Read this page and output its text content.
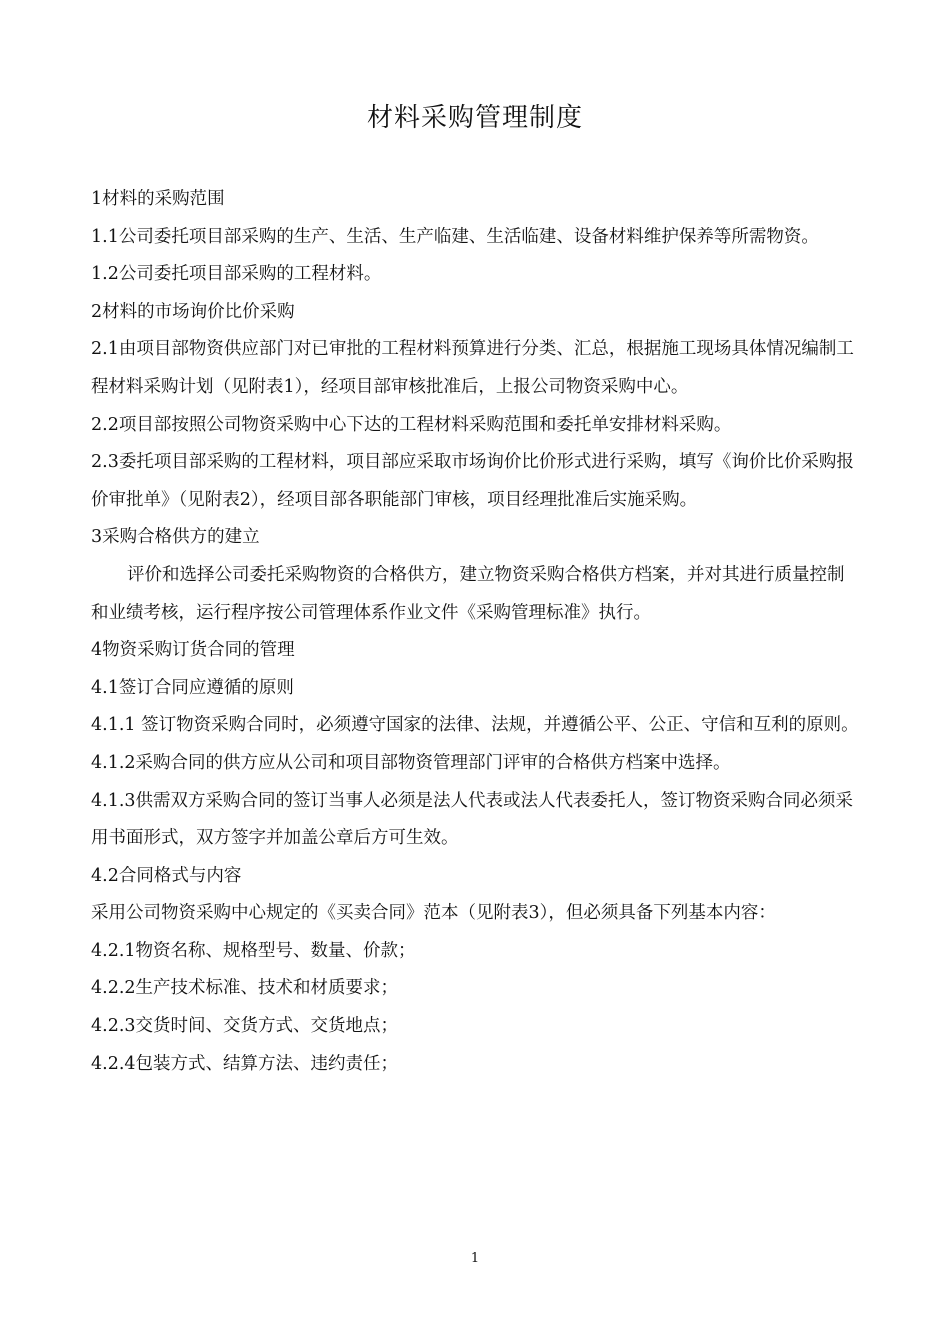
材料采购管理制度

1材料的采购范围

1.1公司委托项目部采购的生产、生活、生产临建、生活临建、设备材料维护保养等所需物资。

1.2公司委托项目部采购的工程材料。

2材料的市场询价比价采购

2.1由项目部物资供应部门对已审批的工程材料预算进行分类、汇总，根据施工现场具体情况编制工程材料采购计划（见附表1），经项目部审核批准后，上报公司物资采购中心。

2.2项目部按照公司物资采购中心下达的工程材料采购范围和委托单安排材料采购。

2.3委托项目部采购的工程材料，项目部应采取市场询价比价形式进行采购，填写《询价比价采购报价审批单》（见附表2），经项目部各职能部门审核，项目经理批准后实施采购。

3采购合格供方的建立

评价和选择公司委托采购物资的合格供方，建立物资采购合格供方档案，并对其进行质量控制和业绩考核，运行程序按公司管理体系作业文件《采购管理标准》执行。

4物资采购订货合同的管理

4.1签订合同应遵循的原则

4.1.1 签订物资采购合同时，必须遵守国家的法律、法规，并遵循公平、公正、守信和互利的原则。

4.1.2采购合同的供方应从公司和项目部物资管理部门评审的合格供方档案中选择。

4.1.3供需双方采购合同的签订当事人必须是法人代表或法人代表委托人，签订物资采购合同必须采用书面形式，双方签字并加盖公章后方可生效。

4.2合同格式与内容

采用公司物资采购中心规定的《买卖合同》范本（见附表3），但必须具备下列基本内容：

4.2.1物资名称、规格型号、数量、价款；

4.2.2生产技术标准、技术和材质要求；

4.2.3交货时间、交货方式、交货地点；

4.2.4包装方式、结算方法、违约责任；

1
